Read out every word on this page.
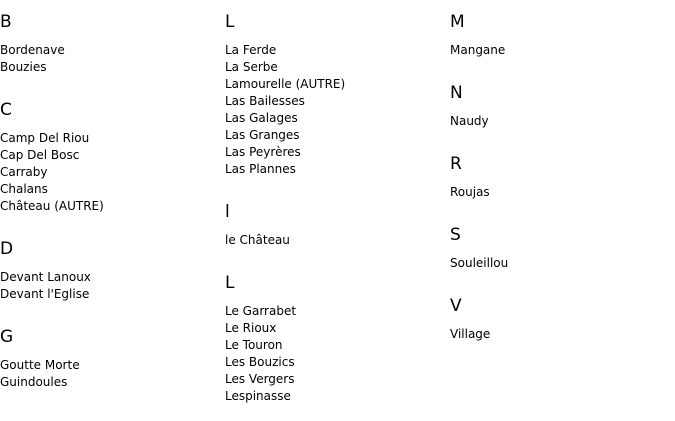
B
Bordenave
Bouzies
C
Camp Del Riou
Cap Del Bosc
Carraby
Chalans
Château (AUTRE)
D
Devant Lanoux
Devant l'Eglise
G
Goutte Morte
Guindoules
L
La Ferde
La Serbe
Lamourelle (AUTRE)
Las Bailesses
Las Galages
Las Granges
Las Peyrères
Las Plannes
l
le Château
L
Le Garrabet
Le Rioux
Le Touron
Les Bouzics
Les Vergers
Lespinasse
M
Mangane
N
Naudy
R
Roujas
S
Souleillou
V
Village
